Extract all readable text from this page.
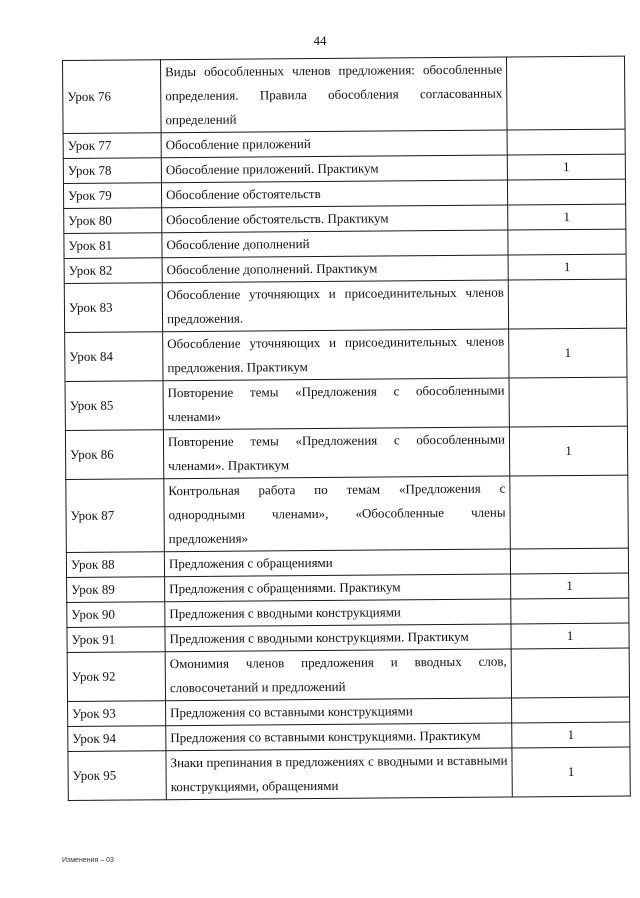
44
Урок 76	Виды обособленных членов предложения: обособленные определения. Правила обособления согласованных определений	
Урок 77	Обособление приложений	
Урок 78	Обособление приложений. Практикум	1
Урок 79	Обособление обстоятельств	
Урок 80	Обособление обстоятельств. Практикум	1
Урок 81	Обособление дополнений	
Урок 82	Обособление дополнений. Практикум	1
Урок 83	Обособление уточняющих и присоединительных членов предложения.	
Урок 84	Обособление уточняющих и присоединительных членов предложения. Практикум	1
Урок 85	Повторение темы «Предложения с обособленными членами»	
Урок 86	Повторение темы «Предложения с обособленными членами». Практикум	1
Урок 87	Контрольная работа по темам «Предложения с однородными членами», «Обособленные члены предложения»	
Урок 88	Предложения с обращениями	
Урок 89	Предложения с обращениями. Практикум	1
Урок 90	Предложения с вводными конструкциями	
Урок 91	Предложения с вводными конструкциями. Практикум	1
Урок 92	Омонимия членов предложения и вводных слов, словосочетаний и предложений	
Урок 93	Предложения со вставными конструкциями	
Урок 94	Предложения со вставными конструкциями. Практикум	1
Урок 95	Знаки препинания в предложениях с вводными и вставными конструкциями, обращениями	1
Изменения – 03
